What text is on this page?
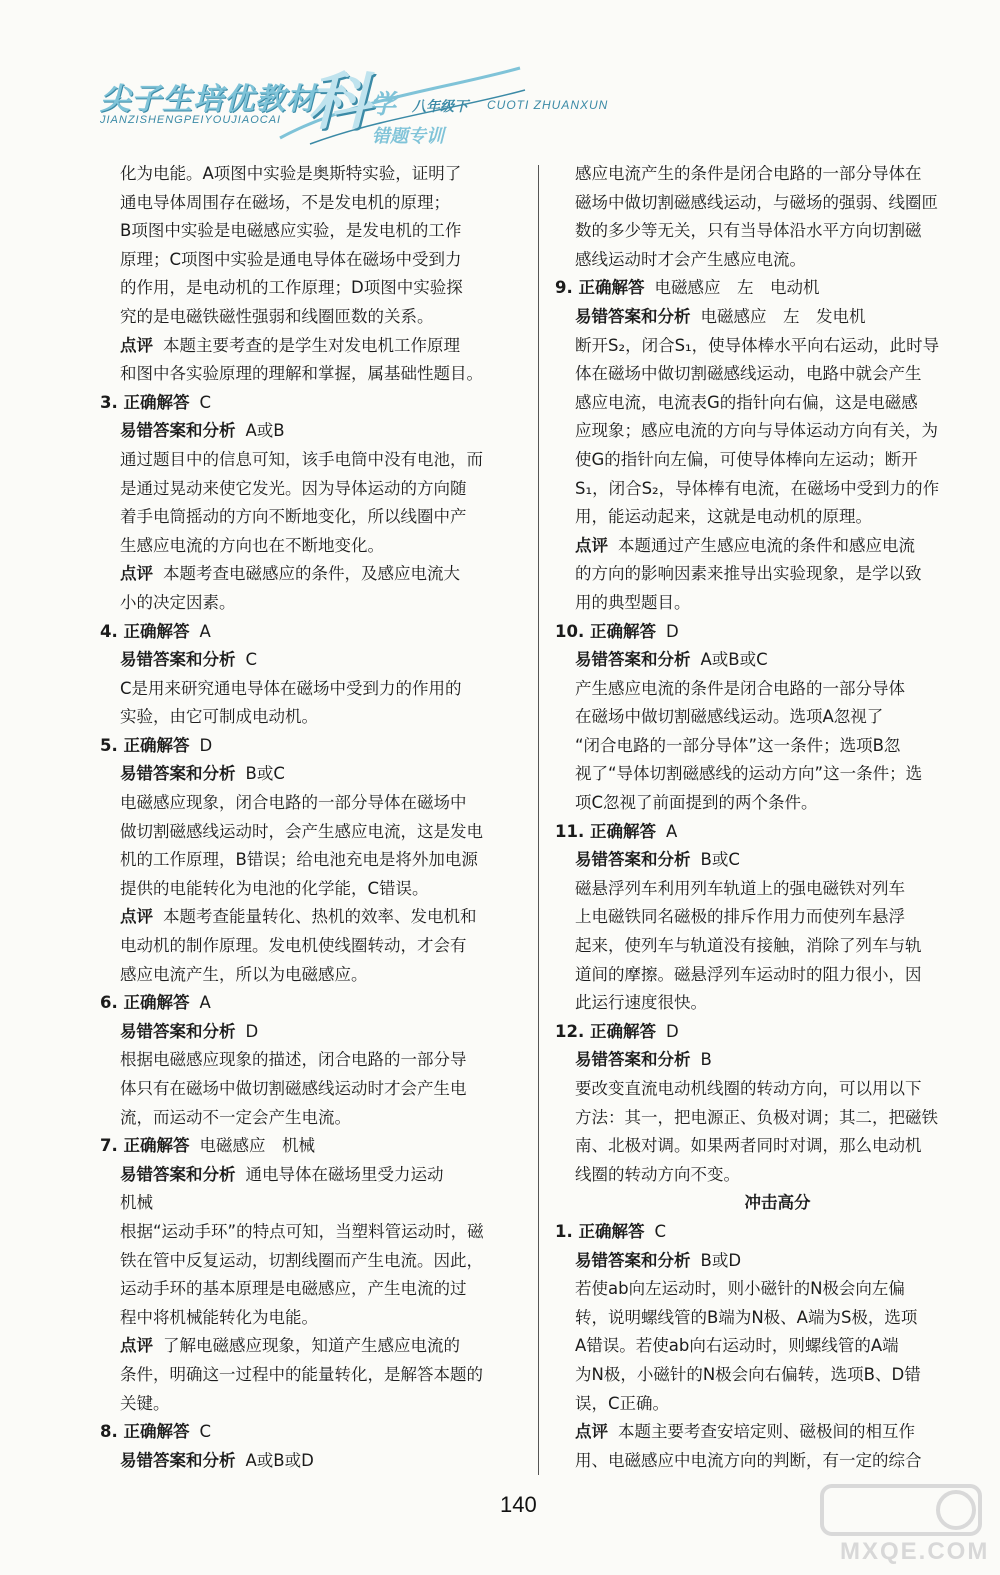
尖子生培优教材
JIANZISHENGPEIYOUJIAOCAI 科 学 八年级下 CUOTI ZHUANXUN
错题专训

化为电能。A项图中实验是奥斯特实验，证明了

通电导体周围存在磁场，不是发电机的原理；

B项图中实验是电磁感应实验，是发电机的工作

原理；C项图中实验是通电导体在磁场中受到力

的作用，是电动机的工作原理；D项图中实验探

究的是电磁铁磁性强弱和线圈匝数的关系。

点评 本题主要考查的是学生对发电机工作原理

和图中各实验原理的理解和掌握，属基础性题目。

3. 正确解答 C

易错答案和分析 A或B

通过题目中的信息可知，该手电筒中没有电池，而

是通过晃动来使它发光。因为导体运动的方向随

着手电筒摇动的方向不断地变化，所以线圈中产

生感应电流的方向也在不断地变化。

点评 本题考查电磁感应的条件，及感应电流大

小的决定因素。

4. 正确解答 A

易错答案和分析 C

C是用来研究通电导体在磁场中受到力的作用的

实验，由它可制成电动机。

5. 正确解答 D

易错答案和分析 B或C

电磁感应现象，闭合电路的一部分导体在磁场中

做切割磁感线运动时，会产生感应电流，这是发电

机的工作原理，B错误；给电池充电是将外加电源

提供的电能转化为电池的化学能，C错误。

点评 本题考查能量转化、热机的效率、发电机和

电动机的制作原理。发电机使线圈转动，才会有

感应电流产生，所以为电磁感应。

6. 正确解答 A

易错答案和分析 D

根据电磁感应现象的描述，闭合电路的一部分导

体只有在磁场中做切割磁感线运动时才会产生电

流，而运动不一定会产生电流。

7. 正确解答 电磁感应　机械

易错答案和分析 通电导体在磁场里受力运动

机械

根据“运动手环”的特点可知，当塑料管运动时，磁

铁在管中反复运动，切割线圈而产生电流。因此，

运动手环的基本原理是电磁感应，产生电流的过

程中将机械能转化为电能。

点评 了解电磁感应现象，知道产生感应电流的

条件，明确这一过程中的能量转化，是解答本题的

关键。

8. 正确解答 C

易错答案和分析 A或B或D

感应电流产生的条件是闭合电路的一部分导体在

磁场中做切割磁感线运动，与磁场的强弱、线圈匝

数的多少等无关，只有当导体沿水平方向切割磁

感线运动时才会产生感应电流。

9. 正确解答 电磁感应　左　电动机

易错答案和分析 电磁感应　左　发电机

断开S₂，闭合S₁，使导体棒水平向右运动，此时导

体在磁场中做切割磁感线运动，电路中就会产生

感应电流，电流表G的指针向右偏，这是电磁感

应现象；感应电流的方向与导体运动方向有关，为

使G的指针向左偏，可使导体棒向左运动；断开

S₁，闭合S₂，导体棒有电流，在磁场中受到力的作

用，能运动起来，这就是电动机的原理。

点评 本题通过产生感应电流的条件和感应电流

的方向的影响因素来推导出实验现象，是学以致

用的典型题目。

10. 正确解答 D

易错答案和分析 A或B或C

产生感应电流的条件是闭合电路的一部分导体

在磁场中做切割磁感线运动。选项A忽视了

“闭合电路的一部分导体”这一条件；选项B忽

视了“导体切割磁感线的运动方向”这一条件；选

项C忽视了前面提到的两个条件。

11. 正确解答 A

易错答案和分析 B或C

磁悬浮列车利用列车轨道上的强电磁铁对列车

上电磁铁同名磁极的排斥作用力而使列车悬浮

起来，使列车与轨道没有接触，消除了列车与轨

道间的摩擦。磁悬浮列车运动时的阻力很小，因

此运行速度很快。

12. 正确解答 D

易错答案和分析 B

要改变直流电动机线圈的转动方向，可以用以下

方法：其一，把电源正、负极对调；其二，把磁铁

南、北极对调。如果两者同时对调，那么电动机

线圈的转动方向不变。

冲击高分

1. 正确解答 C

易错答案和分析 B或D

若使ab向左运动时，则小磁针的N极会向左偏

转，说明螺线管的B端为N极、A端为S极，选项

A错误。若使ab向右运动时，则螺线管的A端

为N极，小磁针的N极会向右偏转，选项B、D错

误，C正确。

点评 本题主要考查安培定则、磁极间的相互作

用、电磁感应中电流方向的判断，有一定的综合

140
MXQE.COM
